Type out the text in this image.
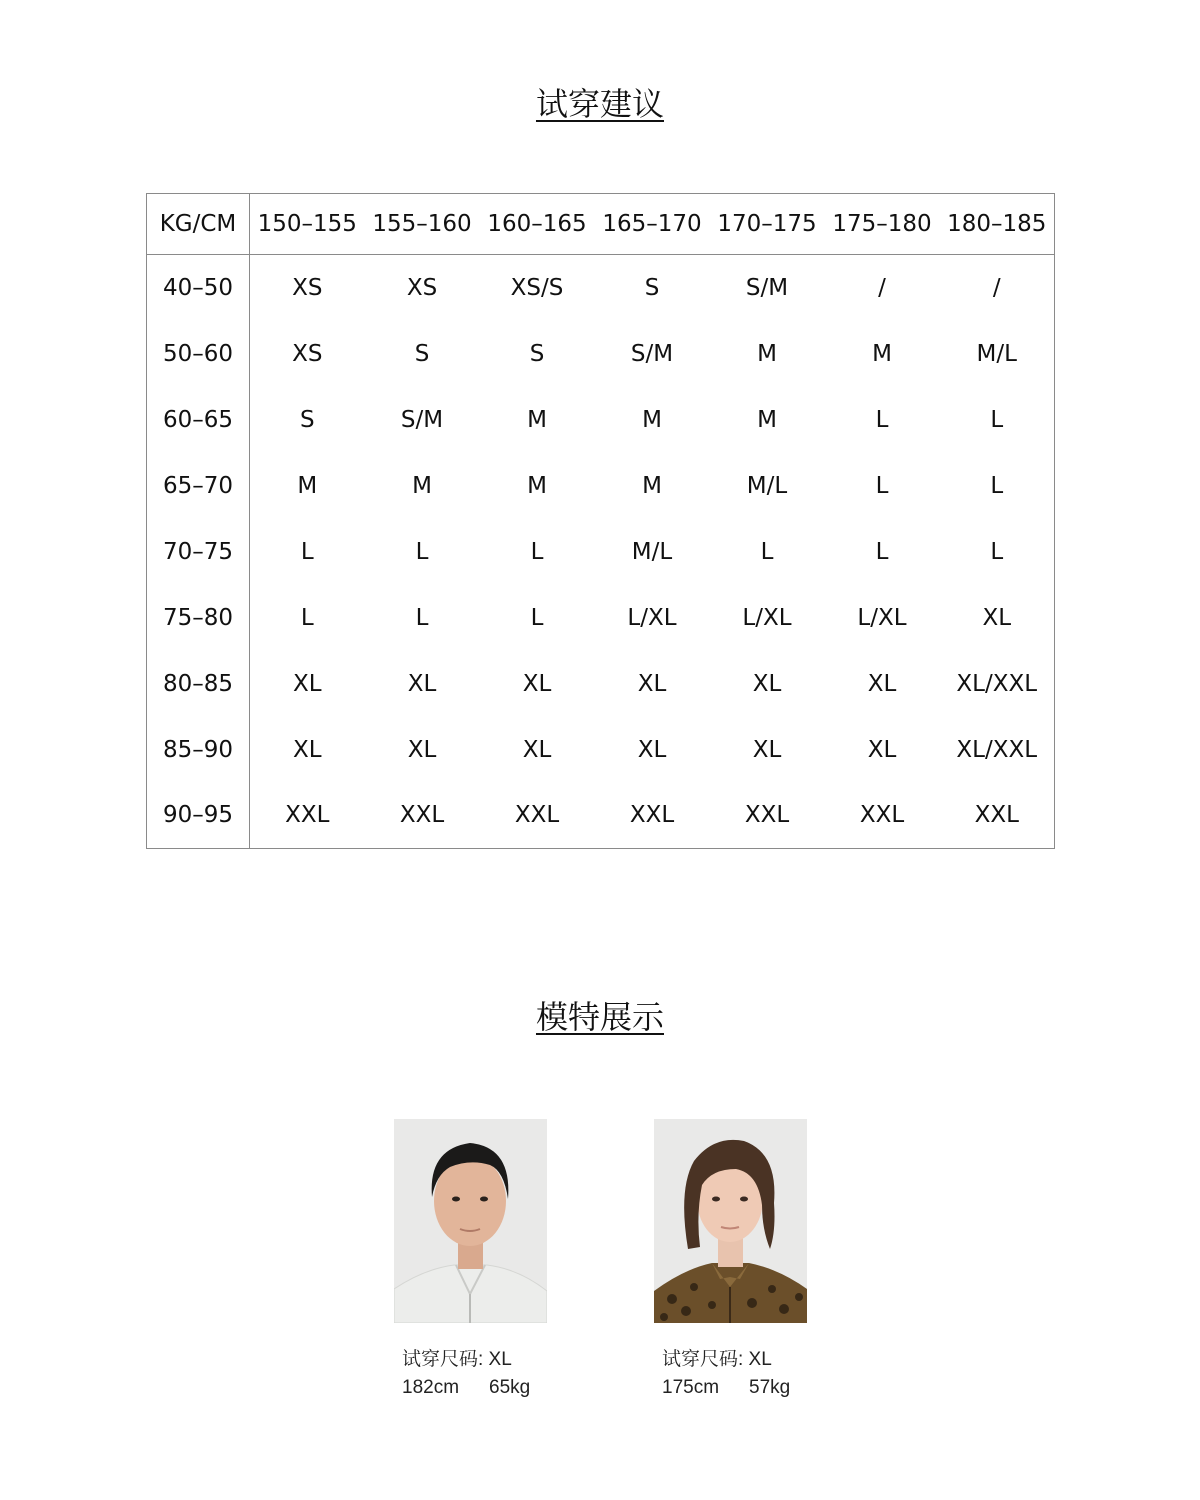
试穿建议
KG/CM	150–155	155–160	160–165	165–170	170–175	175–180	180–185
40–50	XS	XS	XS/S	S	S/M	/	/
50–60	XS	S	S	S/M	M	M	M/L
60–65	S	S/M	M	M	M	L	L
65–70	M	M	M	M	M/L	L	L
70–75	L	L	L	M/L	L	L	L
75–80	L	L	L	L/XL	L/XL	L/XL	XL
80–85	XL	XL	XL	XL	XL	XL	XL/XXL
85–90	XL	XL	XL	XL	XL	XL	XL/XXL
90–95	XXL	XXL	XXL	XXL	XXL	XXL	XXL
模特展示
试穿尺码: XL
182cm 65kg
试穿尺码: XL
175cm 57kg
